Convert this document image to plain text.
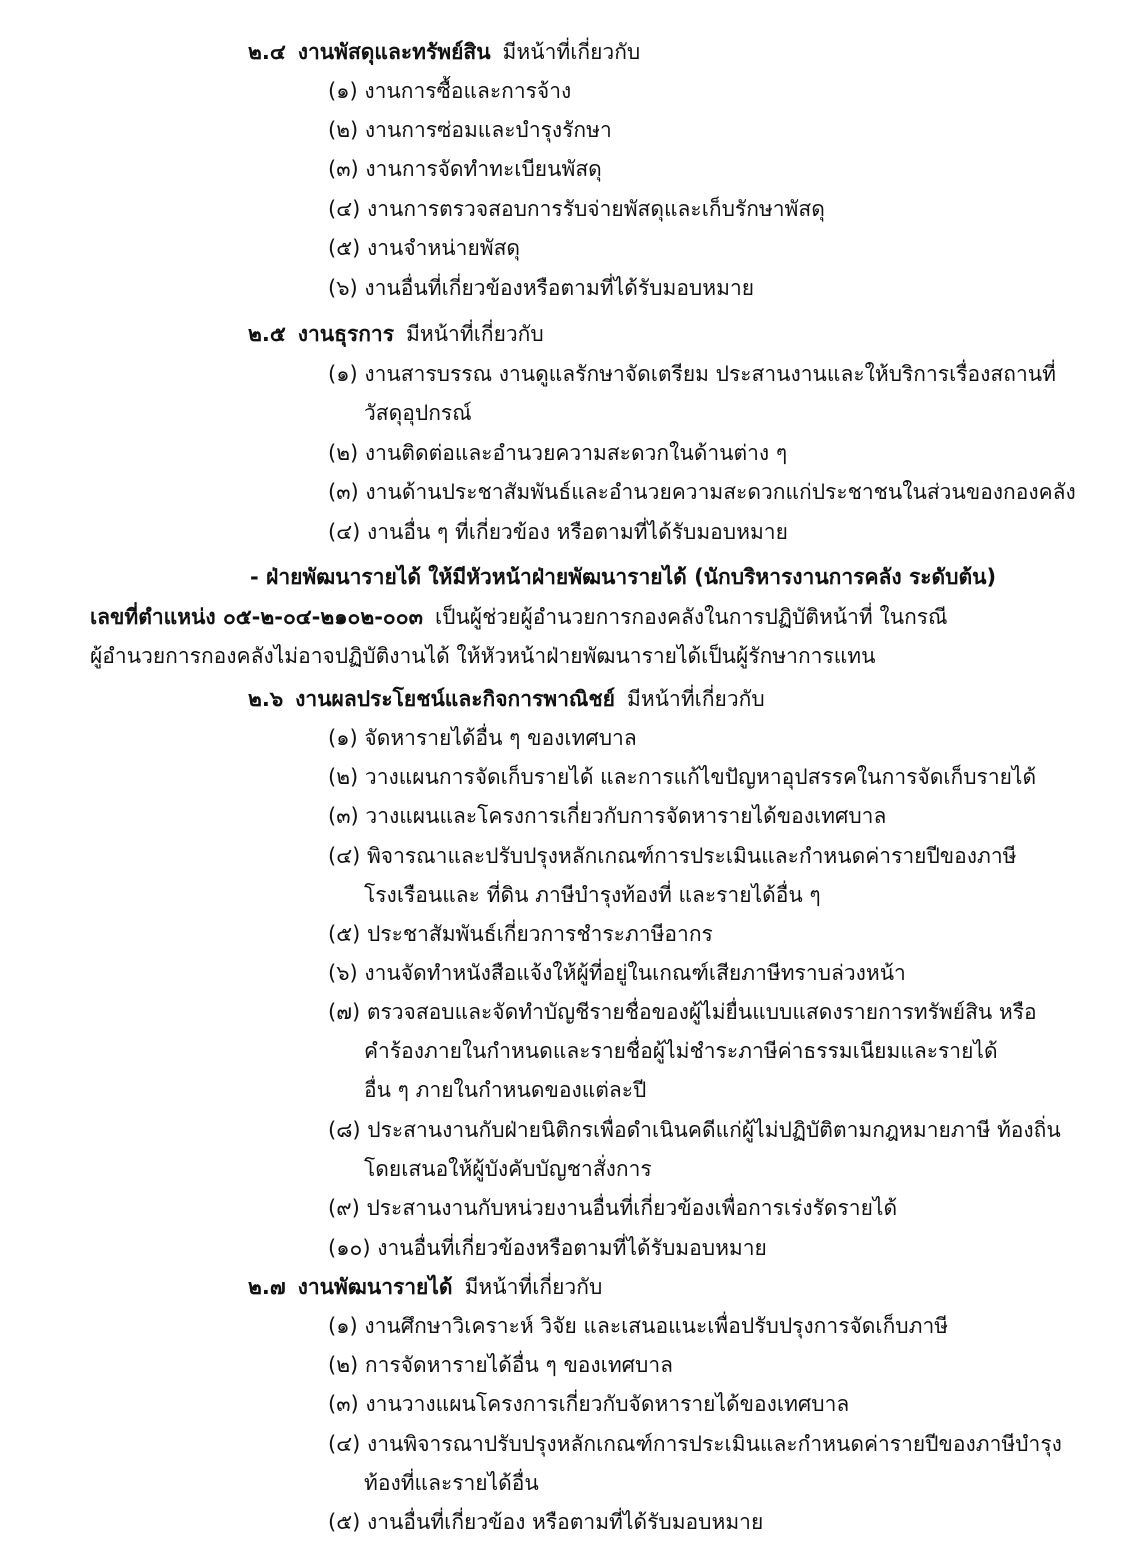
๒.๔ งานพัสดุและทรัพย์สิน มีหน้าที่เกี่ยวกับ
(๑) งานการซื้อและการจ้าง
(๒) งานการซ่อมและบำรุงรักษา
(๓) งานการจัดทำทะเบียนพัสดุ
(๔) งานการตรวจสอบการรับจ่ายพัสดุและเก็บรักษาพัสดุ
(๕) งานจำหน่ายพัสดุ
(๖) งานอื่นที่เกี่ยวข้องหรือตามที่ได้รับมอบหมาย
๒.๕ งานธุรการ มีหน้าที่เกี่ยวกับ
(๑) งานสารบรรณ งานดูแลรักษาจัดเตรียม ประสานงานและให้บริการเรื่องสถานที่
วัสดุอุปกรณ์
(๒) งานติดต่อและอำนวยความสะดวกในด้านต่าง ๆ
(๓) งานด้านประชาสัมพันธ์และอำนวยความสะดวกแก่ประชาชนในส่วนของกองคลัง
(๔) งานอื่น ๆ ที่เกี่ยวข้อง หรือตามที่ได้รับมอบหมาย
- ฝ่ายพัฒนารายได้ ให้มีหัวหน้าฝ่ายพัฒนารายได้ (นักบริหารงานการคลัง ระดับต้น)
เลขที่ตำแหน่ง ๐๕-๒-๐๔-๒๑๐๒-๐๐๓ เป็นผู้ช่วยผู้อำนวยการกองคลังในการปฏิบัติหน้าที่ ในกรณี
ผู้อำนวยการกองคลังไม่อาจปฏิบัติงานได้ ให้หัวหน้าฝ่ายพัฒนารายได้เป็นผู้รักษาการแทน
๒.๖ งานผลประโยชน์และกิจการพาณิชย์ มีหน้าที่เกี่ยวกับ
(๑) จัดหารายได้อื่น ๆ ของเทศบาล
(๒) วางแผนการจัดเก็บรายได้ และการแก้ไขปัญหาอุปสรรคในการจัดเก็บรายได้
(๓) วางแผนและโครงการเกี่ยวกับการจัดหารายได้ของเทศบาล
(๔) พิจารณาและปรับปรุงหลักเกณฑ์การประเมินและกำหนดค่ารายปีของภาษี
โรงเรือนและ ที่ดิน ภาษีบำรุงท้องที่ และรายได้อื่น ๆ
(๕) ประชาสัมพันธ์เกี่ยวการชำระภาษีอากร
(๖) งานจัดทำหนังสือแจ้งให้ผู้ที่อยู่ในเกณฑ์เสียภาษีทราบล่วงหน้า
(๗) ตรวจสอบและจัดทำบัญชีรายชื่อของผู้ไม่ยื่นแบบแสดงรายการทรัพย์สิน หรือ
คำร้องภายในกำหนดและรายชื่อผู้ไม่ชำระภาษีค่าธรรมเนียมและรายได้
อื่น ๆ ภายในกำหนดของแต่ละปี
(๘) ประสานงานกับฝ่ายนิติกรเพื่อดำเนินคดีแก่ผู้ไม่ปฏิบัติตามกฎหมายภาษี ท้องถิ่น
โดยเสนอให้ผู้บังคับบัญชาสั่งการ
(๙) ประสานงานกับหน่วยงานอื่นที่เกี่ยวข้องเพื่อการเร่งรัดรายได้
(๑๐) งานอื่นที่เกี่ยวข้องหรือตามที่ได้รับมอบหมาย
๒.๗ งานพัฒนารายได้ มีหน้าที่เกี่ยวกับ
(๑) งานศึกษาวิเคราะห์ วิจัย และเสนอแนะเพื่อปรับปรุงการจัดเก็บภาษี
(๒) การจัดหารายได้อื่น ๆ ของเทศบาล
(๓) งานวางแผนโครงการเกี่ยวกับจัดหารายได้ของเทศบาล
(๔) งานพิจารณาปรับปรุงหลักเกณฑ์การประเมินและกำหนดค่ารายปีของภาษีบำรุง
ท้องที่และรายได้อื่น
(๕) งานอื่นที่เกี่ยวข้อง หรือตามที่ได้รับมอบหมาย
